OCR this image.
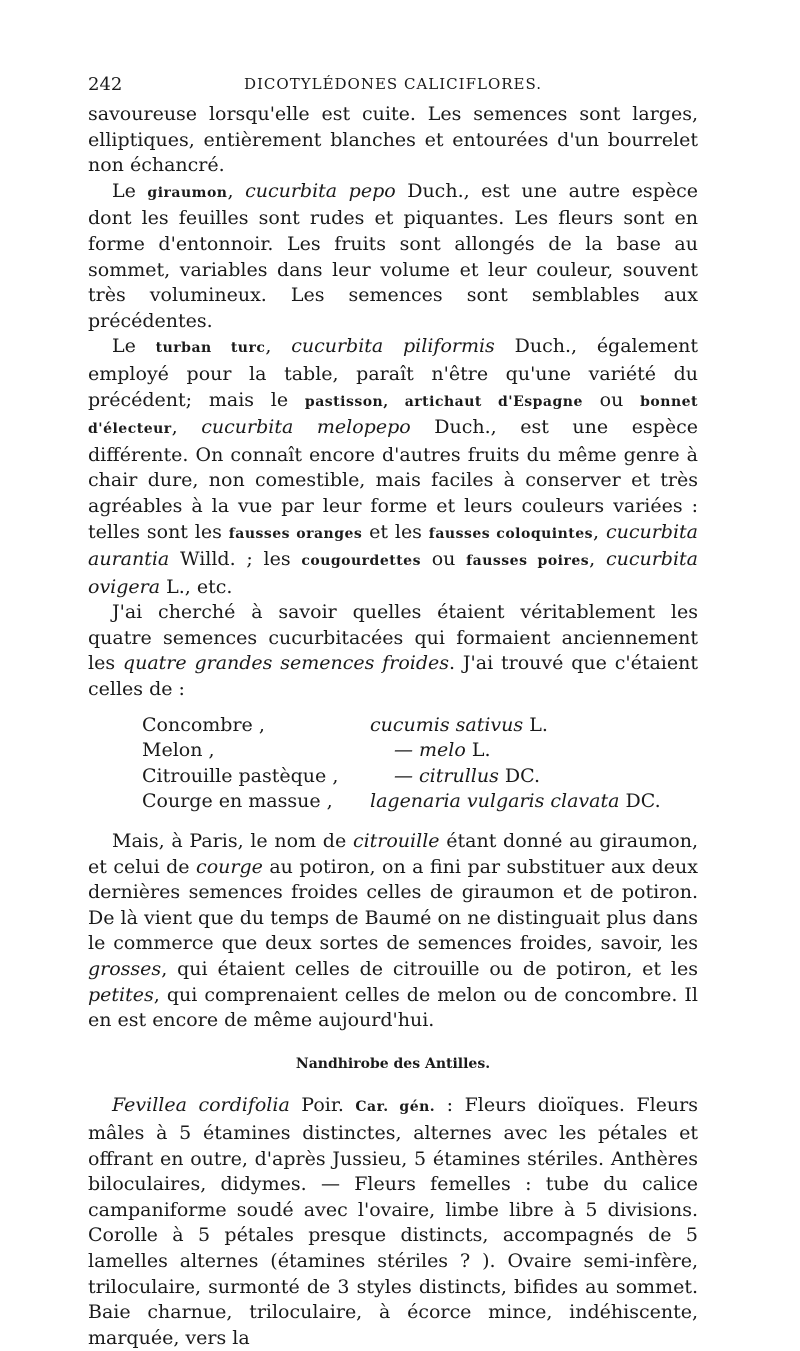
242	DICOTYLÉDONES CALICIFLORES.

savoureuse lorsqu'elle est cuite. Les semences sont larges, elliptiques, entièrement blanches et entourées d'un bourrelet non échancré.

Le giraumon, cucurbita pepo Duch., est une autre espèce dont les feuilles sont rudes et piquantes. Les fleurs sont en forme d'entonnoir. Les fruits sont allongés de la base au sommet, variables dans leur volume et leur couleur, souvent très volumineux. Les semences sont semblables aux précédentes.

Le turban turc, cucurbita piliformis Duch., également employé pour la table, paraît n'être qu'une variété du précédent; mais le pastisson, artichaut d'Espagne ou bonnet d'électeur, cucurbita melopepo Duch., est une espèce différente. On connaît encore d'autres fruits du même genre à chair dure, non comestible, mais faciles à conserver et très agréables à la vue par leur forme et leurs couleurs variées : telles sont les fausses oranges et les fausses coloquintes, cucurbita aurantia Willd. ; les cougourdettes ou fausses poires, cucurbita ovigera L., etc.

J'ai cherché à savoir quelles étaient véritablement les quatre semences cucurbitacées qui formaient anciennement les quatre grandes semences froides. J'ai trouvé que c'étaient celles de :

Concombre ,	cucumis sativus L.
Melon ,	— melo L.
Citrouille pastèque ,	— citrullus DC.
Courge en massue ,	lagenaria vulgaris clavata DC.

Mais, à Paris, le nom de citrouille étant donné au giraumon, et celui de courge au potiron, on a fini par substituer aux deux dernières semences froides celles de giraumon et de potiron. De là vient que du temps de Baumé on ne distinguait plus dans le commerce que deux sortes de semences froides, savoir, les grosses, qui étaient celles de citrouille ou de potiron, et les petites, qui comprenaient celles de melon ou de concombre. Il en est encore de même aujourd'hui.

Nandhirobe des Antilles.

Fevillea cordifolia Poir. Car. gén. : Fleurs dioïques. Fleurs mâles à 5 étamines distinctes, alternes avec les pétales et offrant en outre, d'après Jussieu, 5 étamines stériles. Anthères biloculaires, didymes. — Fleurs femelles : tube du calice campaniforme soudé avec l'ovaire, limbe libre à 5 divisions. Corolle à 5 pétales presque distincts, accompagnés de 5 lamelles alternes (étamines stériles ? ). Ovaire semi-infère, triloculaire, surmonté de 3 styles distincts, bifides au sommet. Baie charnue, triloculaire, à écorce mince, indéhiscente, marquée, vers la
